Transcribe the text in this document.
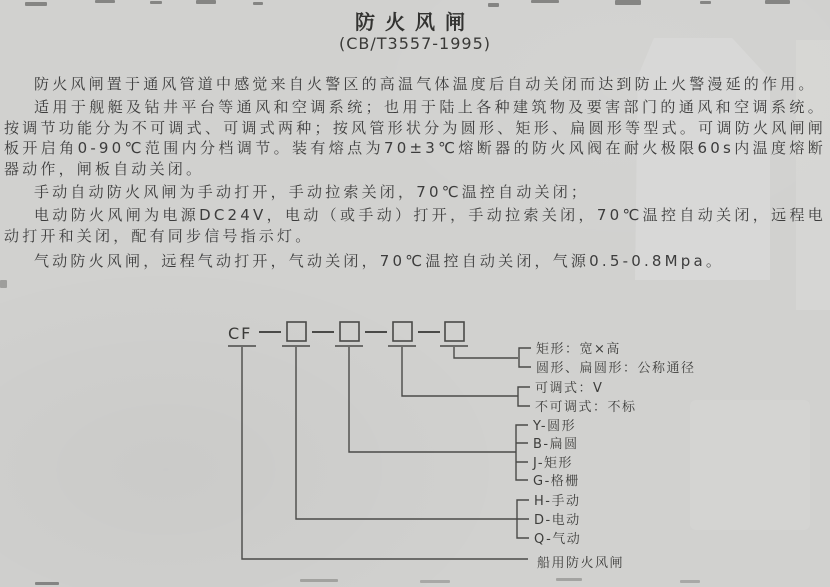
防火风闸
(CB/T3557-1995)

防火风闸置于通风管道中感觉来自火警区的高温气体温度后自动关闭而达到防止火警漫延的作用。

适用于舰艇及钻井平台等通风和空调系统；也用于陆上各种建筑物及要害部门的通风和空调系统。按调节功能分为不可调式、可调式两种；按风管形状分为圆形、矩形、扁圆形等型式。可调防火风闸闸板开启角0-90℃范围内分档调节。装有熔点为70±3℃熔断器的防火风阀在耐火极限60s内温度熔断器动作，闸板自动关闭。

手动自动防火风闸为手动打开，手动拉索关闭，70℃温控自动关闭；

电动防火风闸为电源DC24V，电动（或手动）打开，手动拉索关闭，70℃温控自动关闭，远程电动打开和关闭，配有同步信号指示灯。

气动防火风闸，远程气动打开，气动关闭，70℃温控自动关闭，气源0.5-0.8Mpa。

CF
矩形：宽×高
圆形、扁圆形：公称通径
可调式：V
不可调式：不标
Y-圆形
B-扁圆
J-矩形
G-格栅
H-手动
D-电动
Q-气动
船用防火风闸
